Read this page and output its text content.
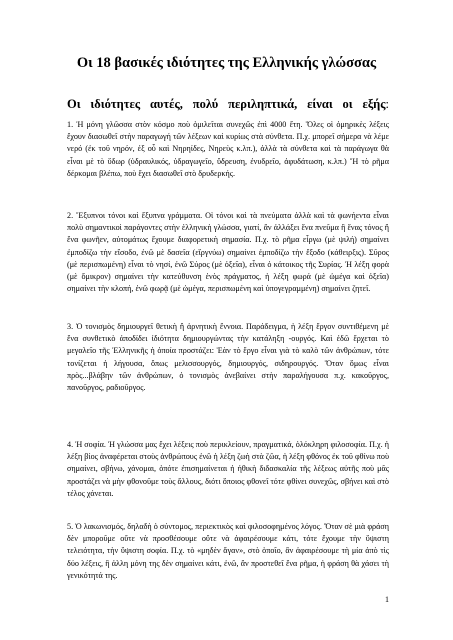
Οι 18 βασικές ιδιότητες της Ελληνικής γλώσσας
Οι ιδιότητες αυτές, πολύ περιληπτικά, είναι οι εξής:

1. Ἡ μόνη γλῶσσα στὸν κόσμο ποὺ ὁμιλεῖται συνεχῶς ἐπὶ 4000 ἔτη. Ὅλες οἱ ὁμηρικὲς λέξεις ἔχουν διασωθεῖ στὴν παραγωγή τῶν λέξεων καὶ κυρίως στὰ σύνθετα. Π.χ. μπορεῖ σήμερα νὰ λέμε νερό (ἐκ τοῦ νηρόν, ἐξ οὗ καὶ Νηρηίδες, Νηρεὺς κ.λπ.), ἀλλὰ τὰ σύνθετα καὶ τὰ παράγωγα θὰ εἶναι μὲ τὸ ὕδωρ (ὑδραυλικός, ὑδραγωγεῖο, ὕδρευση, ἐνυδρεῖο, ἀφυδάτωση, κ.λπ.) Ἤ τὸ ρῆμα δέρκομαι βλέπω, ποὺ ἔχει διασωθεῖ στὸ δρυδερκής.

2. Ἔξυπνοι τόνοι καὶ ἔξυπνα γράμματα. Οἱ τόνοι καὶ τὰ πνεύματα ἀλλὰ καὶ τὰ φωνήεντα εἶναι πολὺ σημαντικοὶ παράγοντες στὴν ἑλληνικὴ γλώσσα, γιατί, ἂν ἀλλάξει ἕνα πνεῦμα ἢ ἕνας τόνος ἢ ἕνα φωνῆεν, αὐτομάτως ἔχουμε διαφορετικὴ σημασία. Π.χ. τὸ ρῆμα εἶργω (μὲ ψιλή) σημαίνει ἐμποδίζω τὴν εἴσοδο, ἐνῶ μὲ δασεῖα (εἵργνύω) σημαίνει ἐμποδίζω τὴν ἔξοδο (κάθειρξις). Σῦρος (μὲ περισπωμένη) εἶναι τὸ νησί, ἐνῶ Σύρος (μὲ ὀξεῖα), εἶναι ὁ κάτοικος τῆς Συρίας. Ἡ λέξη φορὰ (μὲ ὄμικρον) σημαίνει τὴν κατεύθυνση ἑνὸς πράγματος, ἡ λέξη φωρά (μὲ ὠμέγα καὶ ὀξεῖα) σημαίνει τὴν κλοπή, ἐνῶ φωρᾷ (μὲ ὠμέγα, περισπωμένη καὶ ὑπογεγραμμένη) σημαίνει ζητεῖ.

3. Ὁ τονισμὸς δημιουργεῖ θετικὴ ἢ ἀρνητικὴ ἔννοια. Παράδειγμα, ἡ λέξη ἔργον συντιθέμενη μὲ ἕνα συνθετικὸ ἀποδίδει ἰδιότητα δημιουργώντας τὴν κατάληξη -ουργός. Καὶ ἐδῶ ἔρχεται τὸ μεγαλεῖο τῆς Ἑλληνικῆς ἡ ὁποία προστάζει: Ἐὰν τὸ ἔργο εἶναι γιὰ τὸ καλὸ τῶν ἀνθρώπων, τότε τονίζεται ἡ λήγουσα, ὅπως μελισσουργός, δημιουργός, σιδηρουργός. Ὅταν ὅμως εἶναι πρὸς...βλάβην τῶν ἀνθρώπων, ὁ τονισμὸς ἀνεβαίνει στὴν παραλήγουσα π.χ. κακοῦργος, πανοῦργος, ραδιοῦργος.

4. Ἡ σοφία. Ἡ γλώσσα μας ἔχει λέξεις ποὺ περικλείουν, πραγματικά, ὁλόκληρη φιλοσοφία. Π.χ. ἡ λέξη βίος ἀναφέρεται στοὺς ἀνθρώπους ἐνῶ ἡ λέξη ζωὴ στὰ ζῶα, ἡ λέξη φθόνος ἐκ τοῦ φθίνω ποὺ σημαίνει, σβήνω, χάνομαι, ὁπότε ἐπισημαίνεται ἡ ἠθικὴ διδασκαλία τῆς λέξεως αὐτῆς ποὺ μᾶς προστάζει νὰ μὴν φθονοῦμε τοὺς ἄλλους, διότι ὅποιος φθονεῖ τότε φθίνει συνεχῶς, σβήνει καὶ στὸ τέλος χάνεται.

5. Ὁ λακωνισμός, δηλαδὴ ὁ σύντομος, περιεκτικὸς καὶ φιλοσοφημένος λόγος. Ὅταν σὲ μιὰ φράση δὲν μποροῦμε οὔτε νὰ προσθέσουμε οὔτε νὰ ἀφαιρέσουμε κάτι, τότε ἔχουμε τὴν ὕψιστη τελειότητα, τὴν ὕψιστη σοφία. Π.χ. τὸ «μηδὲν ἄγαν», στὸ ὁποῖο, ἂν ἀφαιρέσουμε τὴ μία ἀπὸ τὶς δύο λέξεις, ἢ ἀλλη μόνη της δὲν σημαίνει κάτι, ἐνῶ, ἂν προστεθεῖ ἕνα ρῆμα, ἡ φράση θὰ χάσει τὴ γενικότητά της.

1
